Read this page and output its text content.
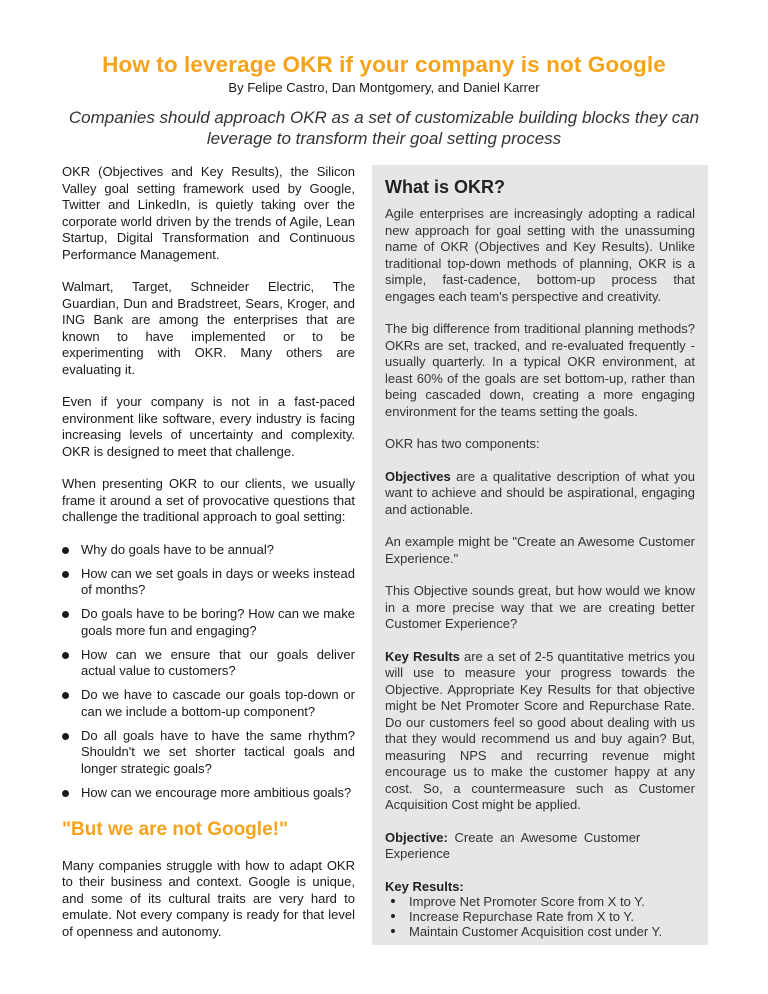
How to leverage OKR if your company is not Google
By Felipe Castro, Dan Montgomery, and Daniel Karrer
Companies should approach OKR as a set of customizable building blocks they can leverage to transform their goal setting process

OKR (Objectives and Key Results), the Silicon Valley goal setting framework used by Google, Twitter and LinkedIn, is quietly taking over the corporate world driven by the trends of Agile, Lean Startup, Digital Transformation and Continuous Performance Management.

Walmart, Target, Schneider Electric, The Guardian, Dun and Bradstreet, Sears, Kroger, and ING Bank are among the enterprises that are known to have implemented or to be experimenting with OKR. Many others are evaluating it.

Even if your company is not in a fast-paced environment like software, every industry is facing increasing levels of uncertainty and complexity. OKR is designed to meet that challenge.

When presenting OKR to our clients, we usually frame it around a set of provocative questions that challenge the traditional approach to goal setting:

Why do goals have to be annual?
How can we set goals in days or weeks instead of months?
Do goals have to be boring? How can we make goals more fun and engaging?
How can we ensure that our goals deliver actual value to customers?
Do we have to cascade our goals top-down or can we include a bottom-up component?
Do all goals have to have the same rhythm? Shouldn't we set shorter tactical goals and longer strategic goals?
How can we encourage more ambitious goals?
"But we are not Google!"

Many companies struggle with how to adapt OKR to their business and context. Google is unique, and some of its cultural traits are very hard to emulate. Not every company is ready for that level of openness and autonomy.

What is OKR?

Agile enterprises are increasingly adopting a radical new approach for goal setting with the unassuming name of OKR (Objectives and Key Results). Unlike traditional top-down methods of planning, OKR is a simple, fast-cadence, bottom-up process that engages each team's perspective and creativity.

The big difference from traditional planning methods? OKRs are set, tracked, and re-evaluated frequently - usually quarterly. In a typical OKR environment, at least 60% of the goals are set bottom-up, rather than being cascaded down, creating a more engaging environment for the teams setting the goals.

OKR has two components:

Objectives are a qualitative description of what you want to achieve and should be aspirational, engaging and actionable.

An example might be "Create an Awesome Customer Experience."

This Objective sounds great, but how would we know in a more precise way that we are creating better Customer Experience?

Key Results are a set of 2-5 quantitative metrics you will use to measure your progress towards the Objective. Appropriate Key Results for that objective might be Net Promoter Score and Repurchase Rate. Do our customers feel so good about dealing with us that they would recommend us and buy again? But, measuring NPS and recurring revenue might encourage us to make the customer happy at any cost. So, a countermeasure such as Customer Acquisition Cost might be applied.

Objective: Create an Awesome Customer Experience

Key Results:
Improve Net Promoter Score from X to Y.
Increase Repurchase Rate from X to Y.
Maintain Customer Acquisition cost under Y.
